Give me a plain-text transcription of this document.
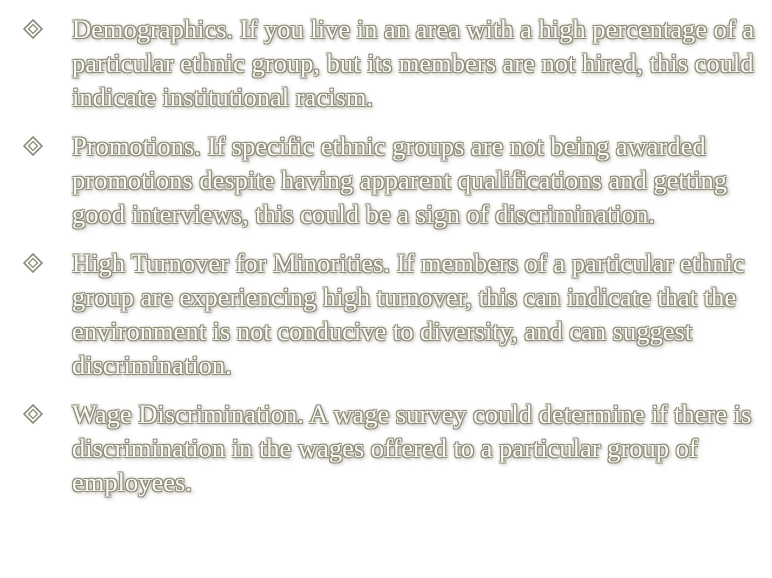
Demographics. If you live in an area with a high percentage of a particular ethnic group, but its members are not hired, this could indicate institutional racism.
Promotions. If specific ethnic groups are not being awarded promotions despite having apparent qualifications and getting good interviews, this could be a sign of discrimination.
High Turnover for Minorities. If members of a particular ethnic group are experiencing high turnover, this can indicate that the environment is not conducive to diversity, and can suggest discrimination.
Wage Discrimination. A wage survey could determine if there is discrimination in the wages offered to a particular group of employees.
